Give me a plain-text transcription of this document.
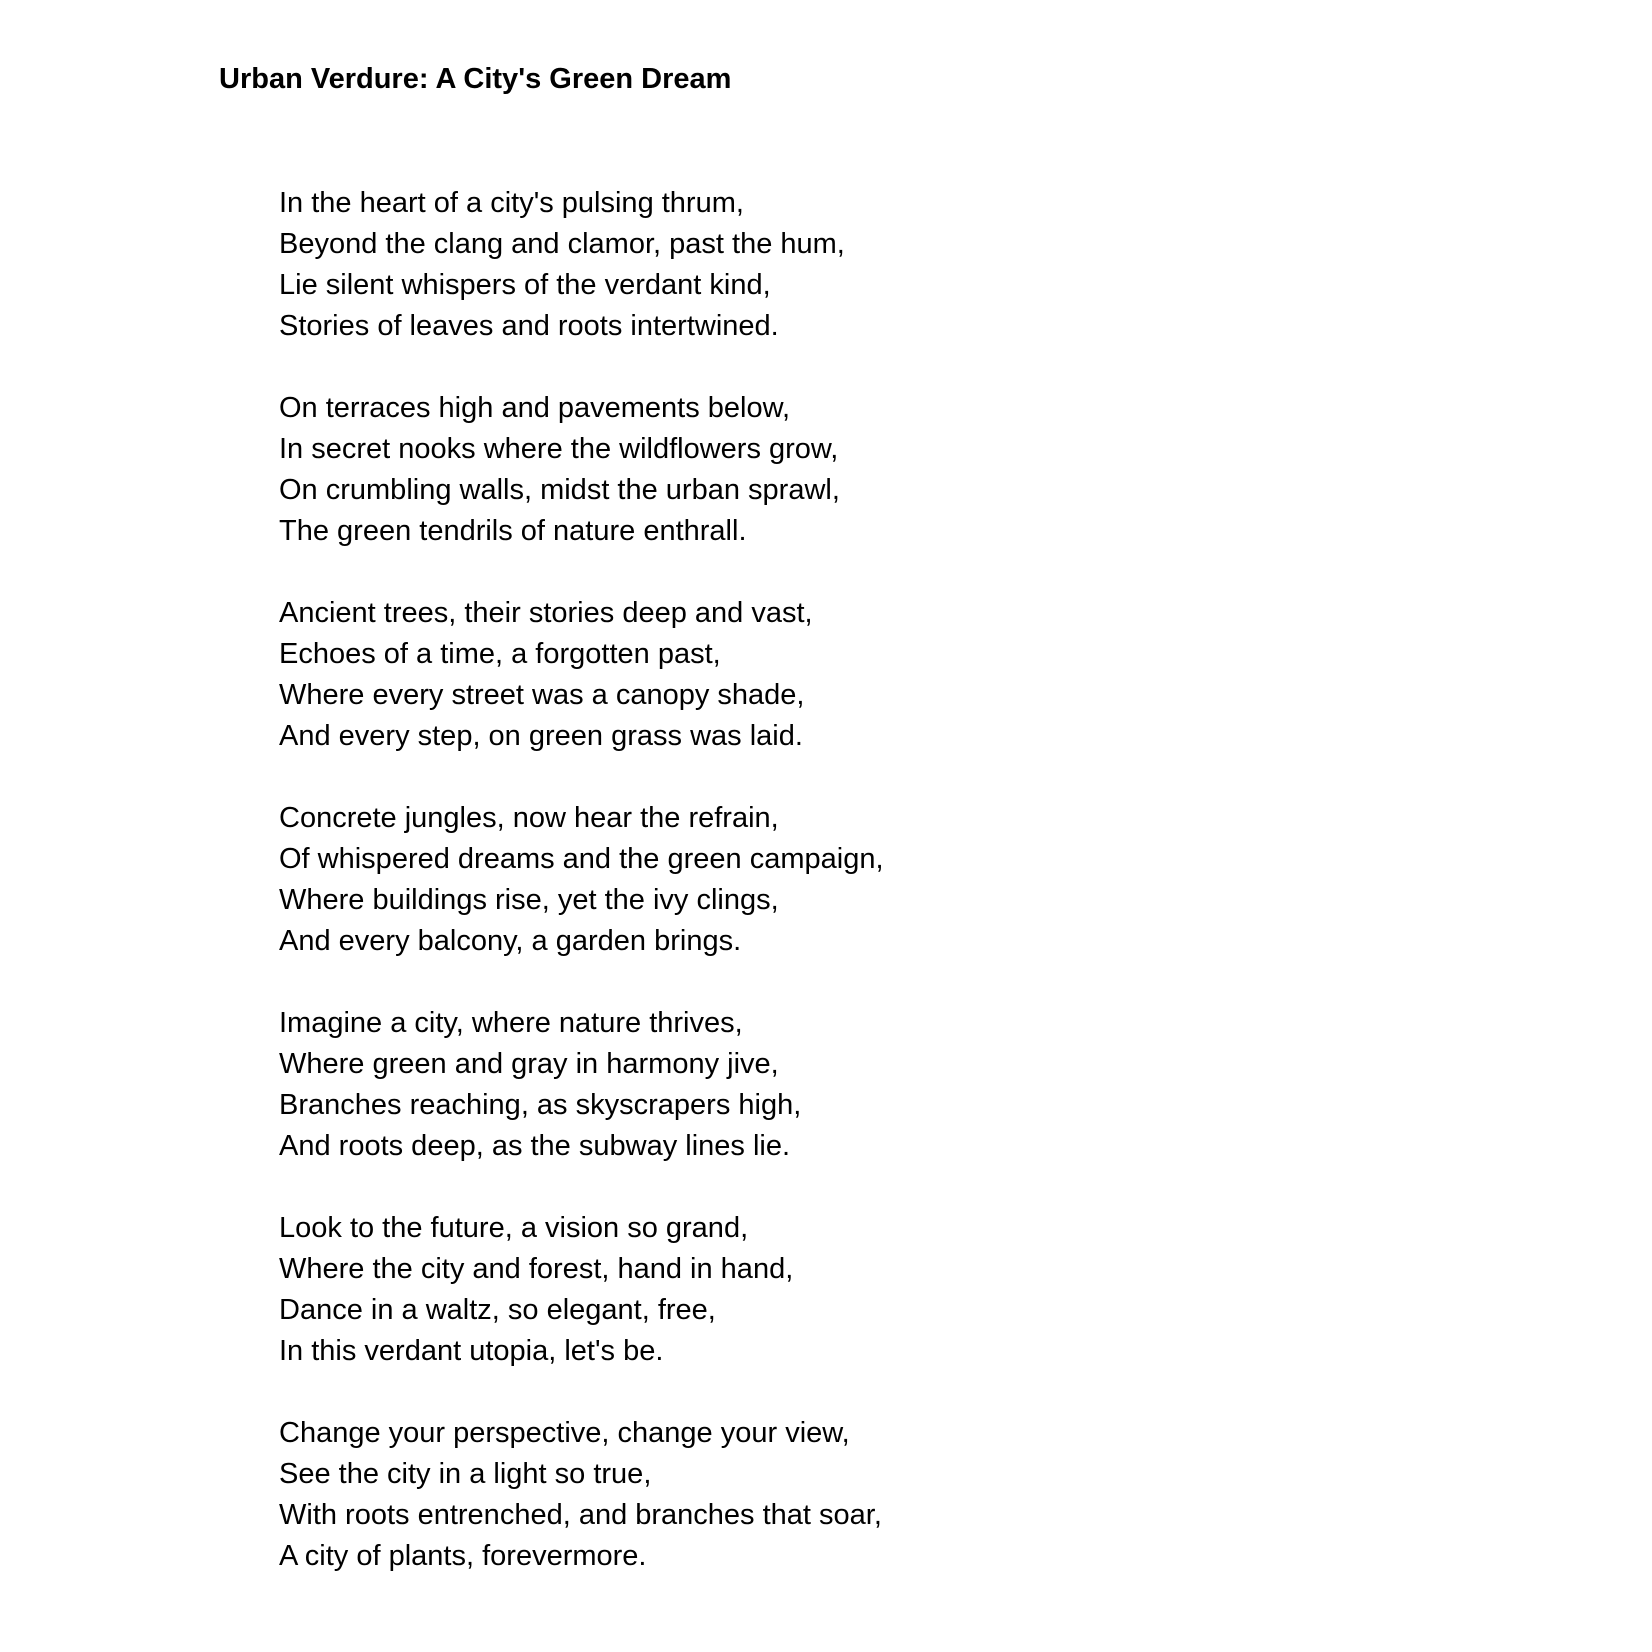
Urban Verdure: A City's Green Dream
In the heart of a city's pulsing thrum,
Beyond the clang and clamor, past the hum,
Lie silent whispers of the verdant kind,
Stories of leaves and roots intertwined.
On terraces high and pavements below,
In secret nooks where the wildflowers grow,
On crumbling walls, midst the urban sprawl,
The green tendrils of nature enthrall.
Ancient trees, their stories deep and vast,
Echoes of a time, a forgotten past,
Where every street was a canopy shade,
And every step, on green grass was laid.
Concrete jungles, now hear the refrain,
Of whispered dreams and the green campaign,
Where buildings rise, yet the ivy clings,
And every balcony, a garden brings.
Imagine a city, where nature thrives,
Where green and gray in harmony jive,
Branches reaching, as skyscrapers high,
And roots deep, as the subway lines lie.
Look to the future, a vision so grand,
Where the city and forest, hand in hand,
Dance in a waltz, so elegant, free,
In this verdant utopia, let's be.
Change your perspective, change your view,
See the city in a light so true,
With roots entrenched, and branches that soar,
A city of plants, forevermore.
